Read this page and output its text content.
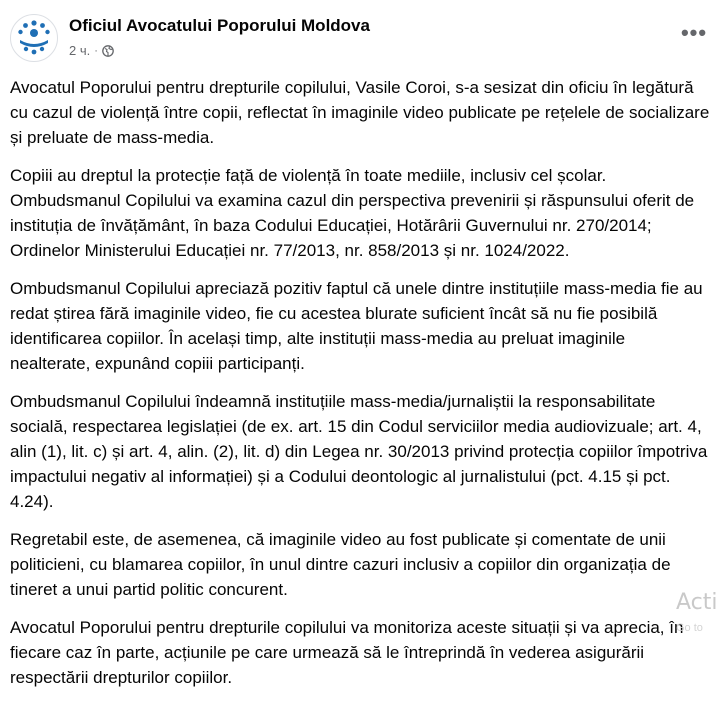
Oficiul Avocatului Poporului Moldova
2 ч. ·
•••

Avocatul Poporului pentru drepturile copilului, Vasile Coroi, s-a sesizat din oficiu în legătură cu cazul de violență între copii, reflectat în imaginile video publicate pe rețelele de socializare și preluate de mass-media.

Copiii au dreptul la protecție față de violență în toate mediile, inclusiv cel școlar. Ombudsmanul Copilului va examina cazul din perspectiva prevenirii și răspunsului oferit de instituția de învățământ, în baza Codului Educației, Hotărârii Guvernului nr. 270/2014; Ordinelor Ministerului Educației nr. 77/2013, nr. 858/2013 și nr. 1024/2022.

Ombudsmanul Copilului apreciază pozitiv faptul că unele dintre instituțiile mass-media fie au redat știrea fără imaginile video, fie cu acestea blurate suficient încât să nu fie posibilă identificarea copiilor. În același timp, alte instituții mass-media au preluat imaginile nealterate, expunând copiii participanți.

Ombudsmanul Copilului îndeamnă instituțiile mass-media/jurnaliștii la responsabilitate socială, respectarea legislației (de ex. art. 15 din Codul serviciilor media audiovizuale; art. 4, alin (1), lit. c) și art. 4, alin. (2), lit. d) din Legea nr. 30/2013 privind protecția copiilor împotriva impactului negativ al informației) și a Codului deontologic al jurnalistului (pct. 4.15 și pct. 4.24).

Regretabil este, de asemenea, că imaginile video au fost publicate și comentate de unii politicieni, cu blamarea copiilor, în unul dintre cazuri inclusiv a copiilor din organizația de tineret a unui partid politic concurent.

Avocatul Poporului pentru drepturile copilului va monitoriza aceste situații și va aprecia, în fiecare caz în parte, acțiunile pe care urmează să le întreprindă în vederea asigurării respectării drepturilor copiilor.

Acti
Go to
